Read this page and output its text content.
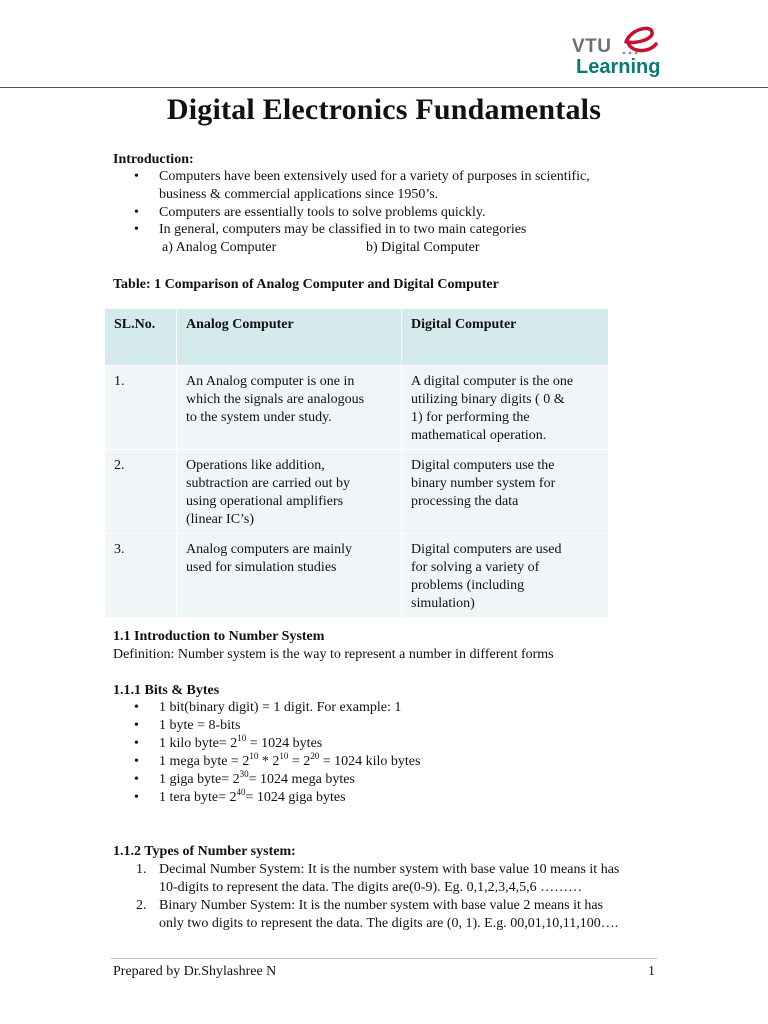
VTU
Learning
Digital Electronics Fundamentals
Introduction:
• Computers have been extensively used for a variety of purposes in scientific,
business & commercial applications since 1950’s.
• Computers are essentially tools to solve problems quickly.
• In general, computers may be classified in to two main categories
a) Analog Computer	b) Digital Computer
Table: 1 Comparison of Analog Computer and Digital Computer
SL.No.	Analog Computer	Digital Computer
1.	An Analog computer is one in
which the signals are analogous
to the system under study.	A digital computer is the one
utilizing binary digits ( 0 &
1) for performing the
mathematical operation.

2.	Operations like addition,
subtraction are carried out by
using operational amplifiers
(linear IC’s)	Digital computers use the
binary number system for
processing the data

3.	Analog computers are mainly
used for simulation studies	Digital computers are used
for solving a variety of
problems (including
simulation)
1.1 Introduction to Number System
Definition: Number system is the way to represent a number in different forms
1.1.1 Bits & Bytes
• 1 bit(binary digit) = 1 digit. For example: 1
• 1 byte = 8-bits
• 1 kilo byte= $2^{10} = 1024$ bytes
• 1 mega byte = $2^{10} * 2^{10} = 2^{20} = 1024$ kilo bytes
• 1 giga byte= $2^{30}= 1024$ mega bytes
• 1 tera byte= $2^{40}= 1024$ giga bytes
1.1.2 Types of Number system:
1. Decimal Number System: It is the number system with base value 10 means it has
10-digits to represent the data. The digits are(0-9). Eg. 0,1,2,3,4,5,6 ………
2. Binary Number System: It is the number system with base value 2 means it has
only two digits to represent the data. The digits are (0, 1). E.g. 00,01,10,11,100….
Prepared by Dr.Shylashree N	1
